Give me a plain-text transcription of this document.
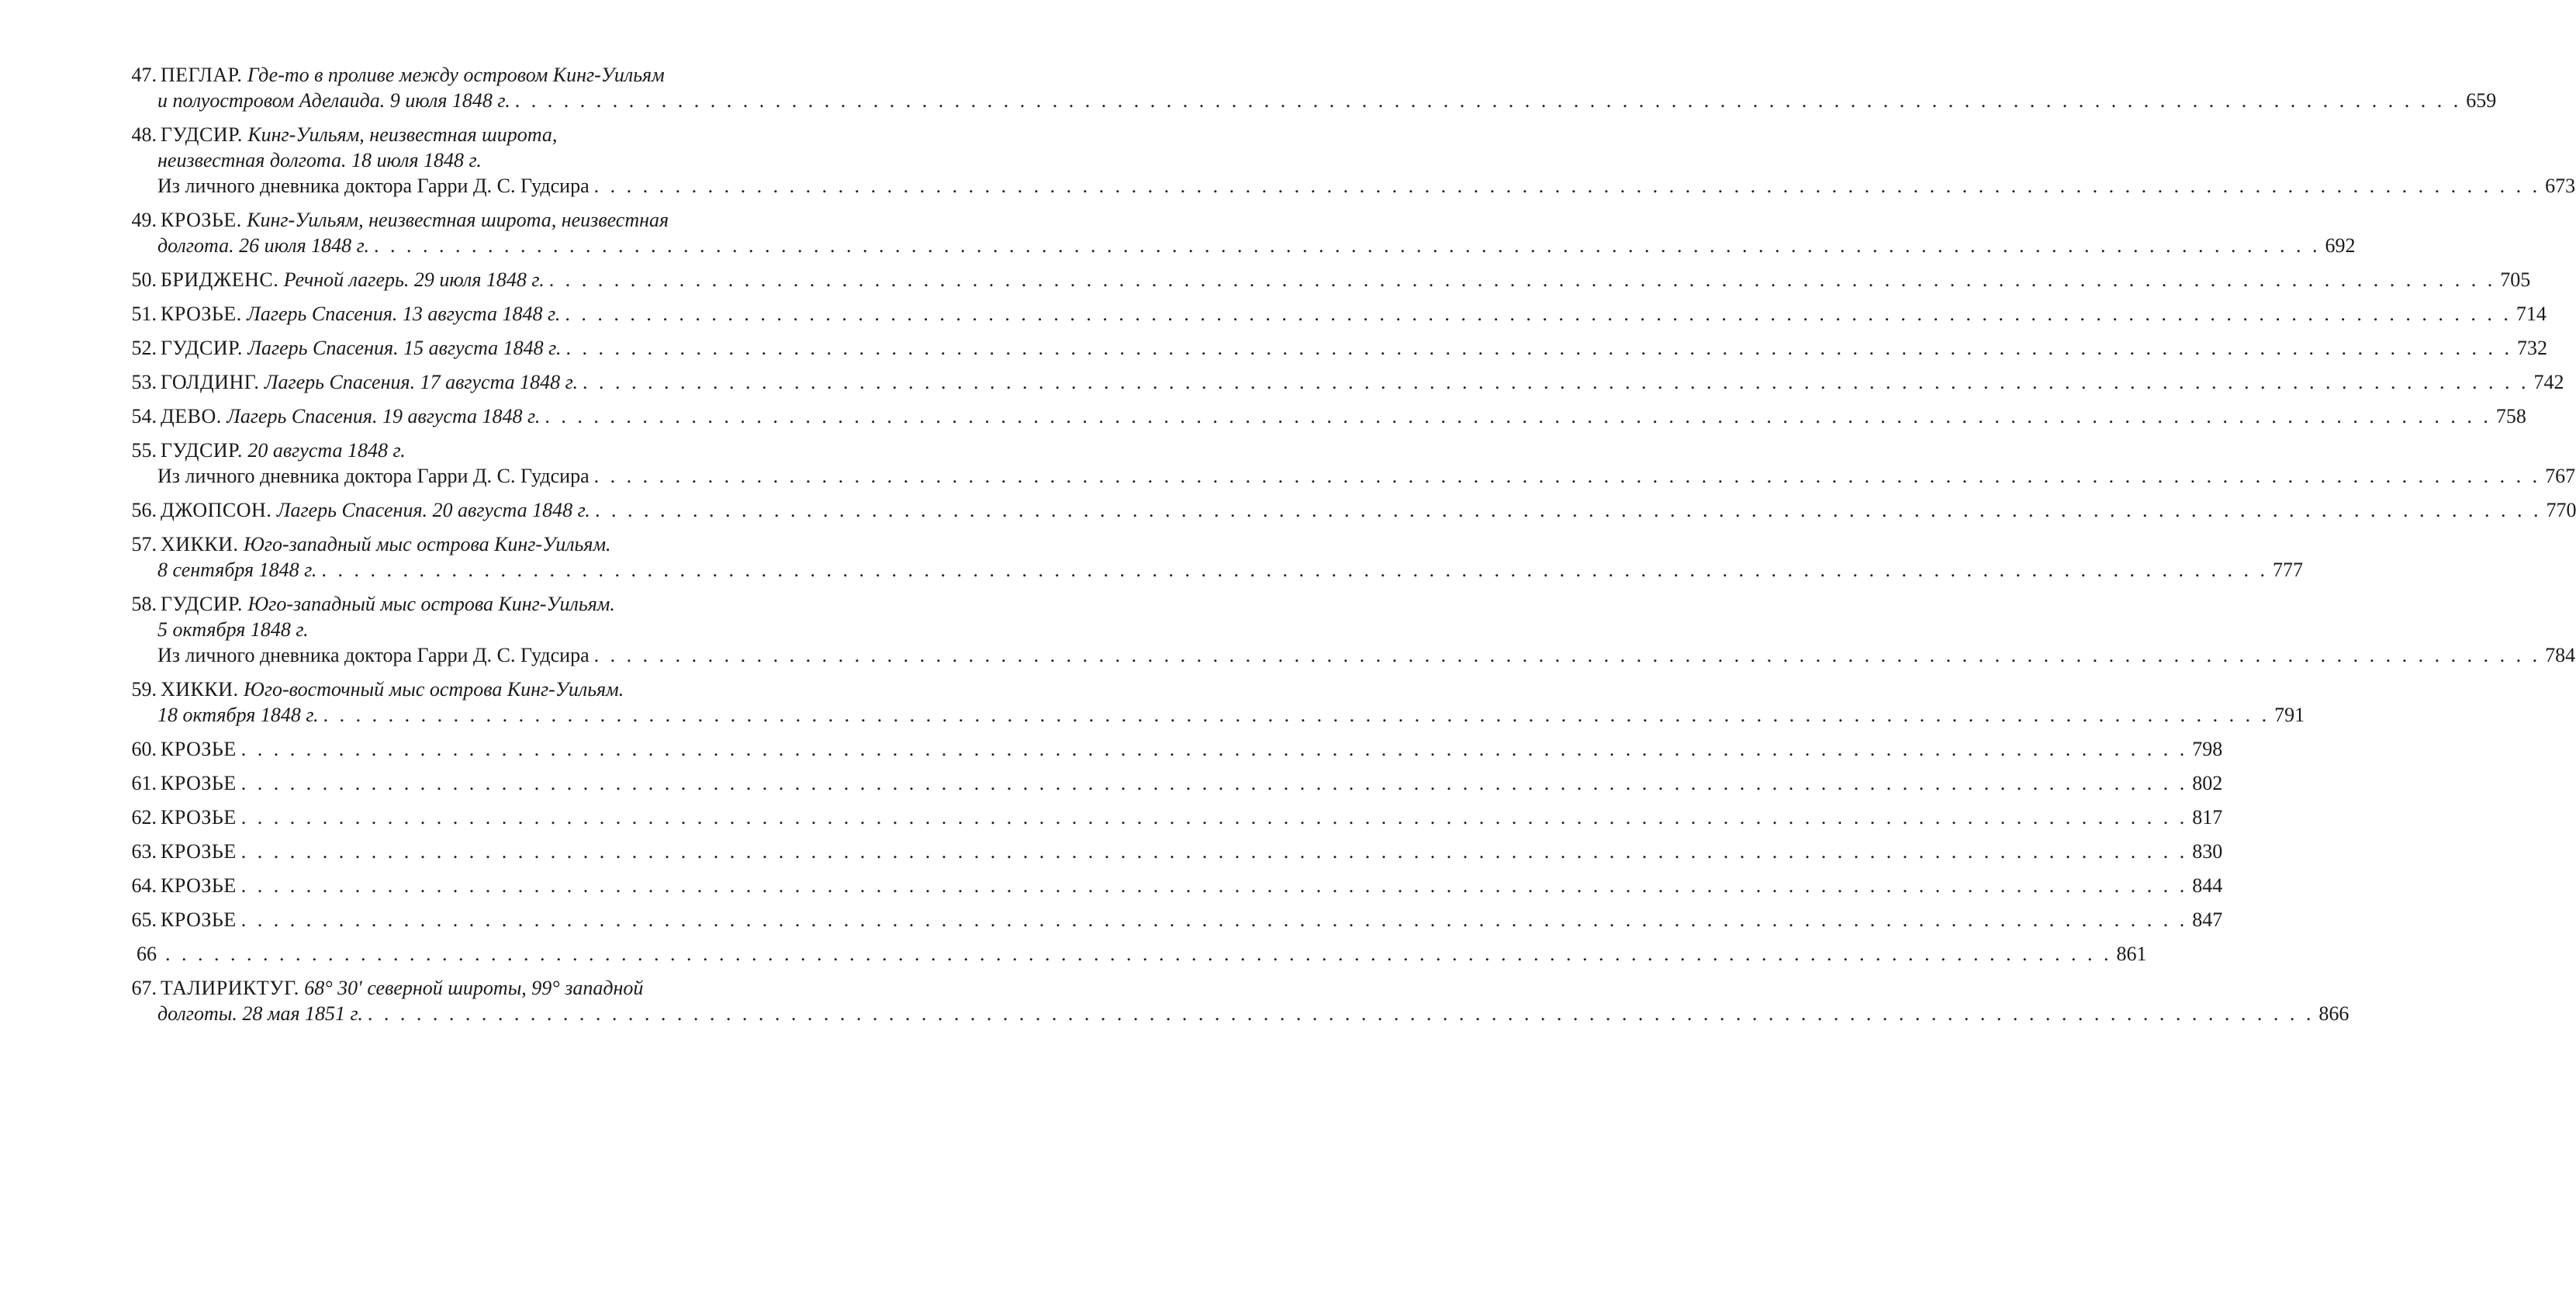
47. ПЕГЛАР. Где-то в проливе между островом Кинг-Уильям
и полуостровом Аделаида. 9 июля 1848 г. . . . . . . . . . . . . . . . . . . . . . . . . . . . . . . . . . . . . . . . . . . . . . . . . . . . . . . . . . . . . . . . . . . . . . . . . . . . . . . . . . . . . . . . . . . . . . . . . . . . . . . . . . . . . . . . . . . . . . . . . 659
48. ГУДСИР. Кинг-Уильям, неизвестная широта,
неизвестная долгота. 18 июля 1848 г.
Из личного дневника доктора Гарри Д. С. Гудсира . . . . . . . . . . . . . . . . . . . . . . . . . . . . . . . . . . . . . . . . . . . . . . . . . . . . . . . . . . . . . . . . . . . . . . . . . . . . . . . . . . . . . . . . . . . . . . . . . . . . . . . . . . . . . . . . . . . . . . . . 673
49. КРОЗЬЕ. Кинг-Уильям, неизвестная широта, неизвестная
долгота. 26 июля 1848 г. . . . . . . . . . . . . . . . . . . . . . . . . . . . . . . . . . . . . . . . . . . . . . . . . . . . . . . . . . . . . . . . . . . . . . . . . . . . . . . . . . . . . . . . . . . . . . . . . . . . . . . . . . . . . . . . . . . . . . . . . 692
50. БРИДЖЕНС. Речной лагерь. 29 июля 1848 г. . . . . . . . . . . . . . . . . . . . . . . . . . . . . . . . . . . . . . . . . . . . . . . . . . . . . . . . . . . . . . . . . . . . . . . . . . . . . . . . . . . . . . . . . . . . . . . . . . . . . . . . . . . . . . . . . . . . . . . . . 705
51. КРОЗЬЕ. Лагерь Спасения. 13 августа 1848 г. . . . . . . . . . . . . . . . . . . . . . . . . . . . . . . . . . . . . . . . . . . . . . . . . . . . . . . . . . . . . . . . . . . . . . . . . . . . . . . . . . . . . . . . . . . . . . . . . . . . . . . . . . . . . . . . . . . . . . . . . 714
52. ГУДСИР. Лагерь Спасения. 15 августа 1848 г. . . . . . . . . . . . . . . . . . . . . . . . . . . . . . . . . . . . . . . . . . . . . . . . . . . . . . . . . . . . . . . . . . . . . . . . . . . . . . . . . . . . . . . . . . . . . . . . . . . . . . . . . . . . . . . . . . . . . . . . . 732
53. ГОЛДИНГ. Лагерь Спасения. 17 августа 1848 г. . . . . . . . . . . . . . . . . . . . . . . . . . . . . . . . . . . . . . . . . . . . . . . . . . . . . . . . . . . . . . . . . . . . . . . . . . . . . . . . . . . . . . . . . . . . . . . . . . . . . . . . . . . . . . . . . . . . . . . . . 742
54. ДЕВО. Лагерь Спасения. 19 августа 1848 г. . . . . . . . . . . . . . . . . . . . . . . . . . . . . . . . . . . . . . . . . . . . . . . . . . . . . . . . . . . . . . . . . . . . . . . . . . . . . . . . . . . . . . . . . . . . . . . . . . . . . . . . . . . . . . . . . . . . . . . . . 758
55. ГУДСИР. 20 августа 1848 г.
Из личного дневника доктора Гарри Д. С. Гудсира . . . . . . . . . . . . . . . . . . . . . . . . . . . . . . . . . . . . . . . . . . . . . . . . . . . . . . . . . . . . . . . . . . . . . . . . . . . . . . . . . . . . . . . . . . . . . . . . . . . . . . . . . . . . . . . . . . . . . . . . 767
56. ДЖОПСОН. Лагерь Спасения. 20 августа 1848 г. . . . . . . . . . . . . . . . . . . . . . . . . . . . . . . . . . . . . . . . . . . . . . . . . . . . . . . . . . . . . . . . . . . . . . . . . . . . . . . . . . . . . . . . . . . . . . . . . . . . . . . . . . . . . . . . . . . . . . . . . 770
57. ХИККИ. Юго-западный мыс острова Кинг-Уильям.
8 сентября 1848 г. . . . . . . . . . . . . . . . . . . . . . . . . . . . . . . . . . . . . . . . . . . . . . . . . . . . . . . . . . . . . . . . . . . . . . . . . . . . . . . . . . . . . . . . . . . . . . . . . . . . . . . . . . . . . . . . . . . . . . . . . 777
58. ГУДСИР. Юго-западный мыс острова Кинг-Уильям.
5 октября 1848 г.
Из личного дневника доктора Гарри Д. С. Гудсира . . . . . . . . . . . . . . . . . . . . . . . . . . . . . . . . . . . . . . . . . . . . . . . . . . . . . . . . . . . . . . . . . . . . . . . . . . . . . . . . . . . . . . . . . . . . . . . . . . . . . . . . . . . . . . . . . . . . . . . . 784
59. ХИККИ. Юго-восточный мыс острова Кинг-Уильям.
18 октября 1848 г. . . . . . . . . . . . . . . . . . . . . . . . . . . . . . . . . . . . . . . . . . . . . . . . . . . . . . . . . . . . . . . . . . . . . . . . . . . . . . . . . . . . . . . . . . . . . . . . . . . . . . . . . . . . . . . . . . . . . . . . . 791
60. КРОЗЬЕ . . . . . . . . . . . . . . . . . . . . . . . . . . . . . . . . . . . . . . . . . . . . . . . . . . . . . . . . . . . . . . . . . . . . . . . . . . . . . . . . . . . . . . . . . . . . . . . . . . . . . . . . . . . . . . . . . . . . . . . . 798
61. КРОЗЬЕ . . . . . . . . . . . . . . . . . . . . . . . . . . . . . . . . . . . . . . . . . . . . . . . . . . . . . . . . . . . . . . . . . . . . . . . . . . . . . . . . . . . . . . . . . . . . . . . . . . . . . . . . . . . . . . . . . . . . . . . . 802
62. КРОЗЬЕ . . . . . . . . . . . . . . . . . . . . . . . . . . . . . . . . . . . . . . . . . . . . . . . . . . . . . . . . . . . . . . . . . . . . . . . . . . . . . . . . . . . . . . . . . . . . . . . . . . . . . . . . . . . . . . . . . . . . . . . . 817
63. КРОЗЬЕ . . . . . . . . . . . . . . . . . . . . . . . . . . . . . . . . . . . . . . . . . . . . . . . . . . . . . . . . . . . . . . . . . . . . . . . . . . . . . . . . . . . . . . . . . . . . . . . . . . . . . . . . . . . . . . . . . . . . . . . . 830
64. КРОЗЬЕ . . . . . . . . . . . . . . . . . . . . . . . . . . . . . . . . . . . . . . . . . . . . . . . . . . . . . . . . . . . . . . . . . . . . . . . . . . . . . . . . . . . . . . . . . . . . . . . . . . . . . . . . . . . . . . . . . . . . . . . . 844
65. КРОЗЬЕ . . . . . . . . . . . . . . . . . . . . . . . . . . . . . . . . . . . . . . . . . . . . . . . . . . . . . . . . . . . . . . . . . . . . . . . . . . . . . . . . . . . . . . . . . . . . . . . . . . . . . . . . . . . . . . . . . . . . . . . . 847
66 . . . . . . . . . . . . . . . . . . . . . . . . . . . . . . . . . . . . . . . . . . . . . . . . . . . . . . . . . . . . . . . . . . . . . . . . . . . . . . . . . . . . . . . . . . . . . . . . . . . . . . . . . . . . . . . . . . . . . . . . 861
67. ТАЛИРИКТУГ. 68° 30′ северной широты, 99° западной
долготы. 28 мая 1851 г. . . . . . . . . . . . . . . . . . . . . . . . . . . . . . . . . . . . . . . . . . . . . . . . . . . . . . . . . . . . . . . . . . . . . . . . . . . . . . . . . . . . . . . . . . . . . . . . . . . . . . . . . . . . . . . . . . . . . . . . . 866
